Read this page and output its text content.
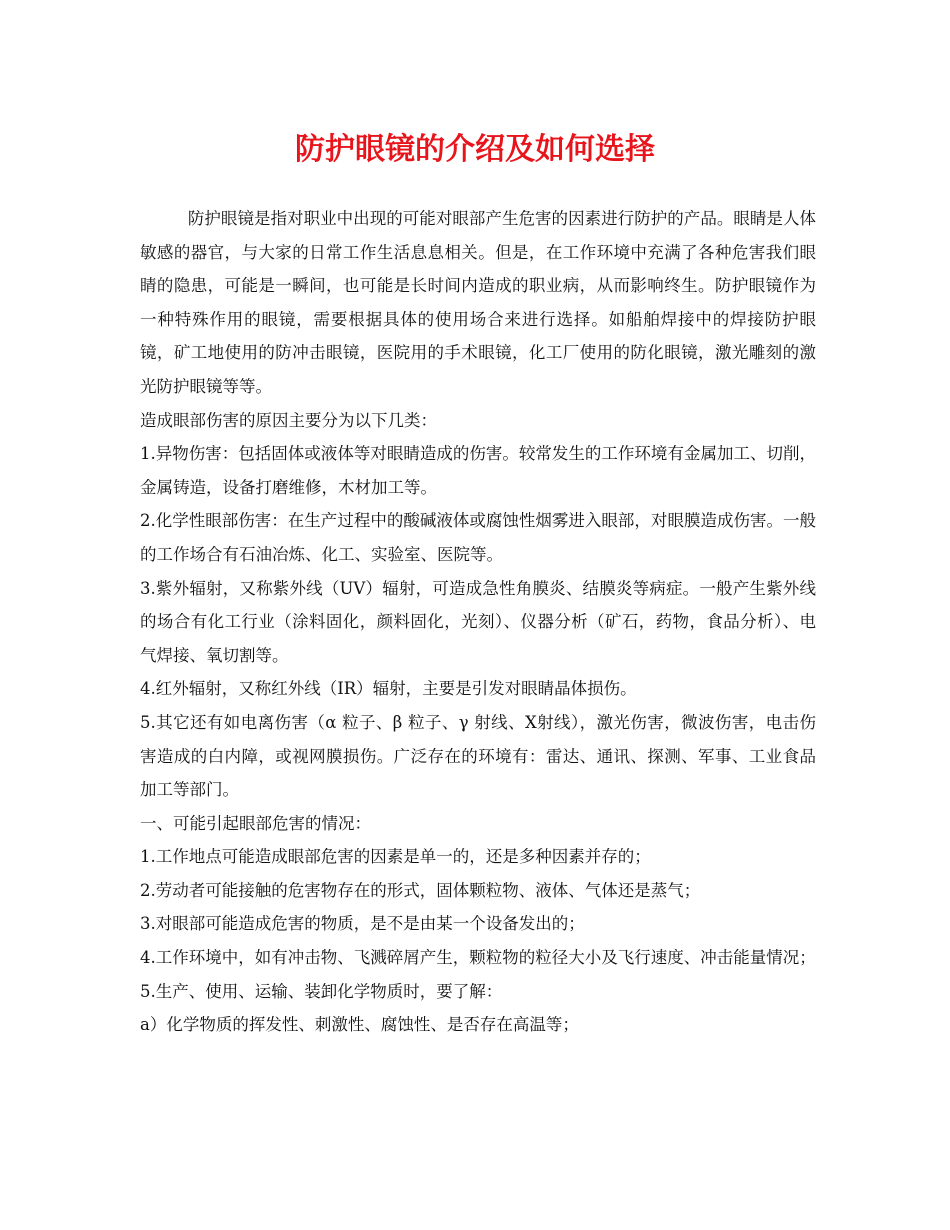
防护眼镜的介绍及如何选择

防护眼镜是指对职业中出现的可能对眼部产生危害的因素进行防护的产品。眼睛是人体敏感的器官，与大家的日常工作生活息息相关。但是，在工作环境中充满了各种危害我们眼睛的隐患，可能是一瞬间，也可能是长时间内造成的职业病，从而影响终生。防护眼镜作为一种特殊作用的眼镜，需要根据具体的使用场合来进行选择。如船舶焊接中的焊接防护眼镜，矿工地使用的防冲击眼镜，医院用的手术眼镜，化工厂使用的防化眼镜，激光雕刻的激光防护眼镜等等。

造成眼部伤害的原因主要分为以下几类：

1.异物伤害：包括固体或液体等对眼睛造成的伤害。较常发生的工作环境有金属加工、切削，金属铸造，设备打磨维修，木材加工等。

2.化学性眼部伤害：在生产过程中的酸碱液体或腐蚀性烟雾进入眼部，对眼膜造成伤害。一般的工作场合有石油冶炼、化工、实验室、医院等。

3.紫外辐射，又称紫外线（UV）辐射，可造成急性角膜炎、结膜炎等病症。一般产生紫外线的场合有化工行业（涂料固化，颜料固化，光刻）、仪器分析（矿石，药物，食品分析）、电气焊接、氧切割等。

4.红外辐射，又称红外线（IR）辐射，主要是引发对眼睛晶体损伤。

5.其它还有如电离伤害（α 粒子、β 粒子、γ 射线、X射线），激光伤害，微波伤害，电击伤害造成的白内障，或视网膜损伤。广泛存在的环境有：雷达、通讯、探测、军事、工业食品加工等部门。

一、可能引起眼部危害的情况：

1.工作地点可能造成眼部危害的因素是单一的，还是多种因素并存的；

2.劳动者可能接触的危害物存在的形式，固体颗粒物、液体、气体还是蒸气；

3.对眼部可能造成危害的物质，是不是由某一个设备发出的；

4.工作环境中，如有冲击物、飞溅碎屑产生，颗粒物的粒径大小及飞行速度、冲击能量情况；

5.生产、使用、运输、装卸化学物质时，要了解：

a）化学物质的挥发性、刺激性、腐蚀性、是否存在高温等；
